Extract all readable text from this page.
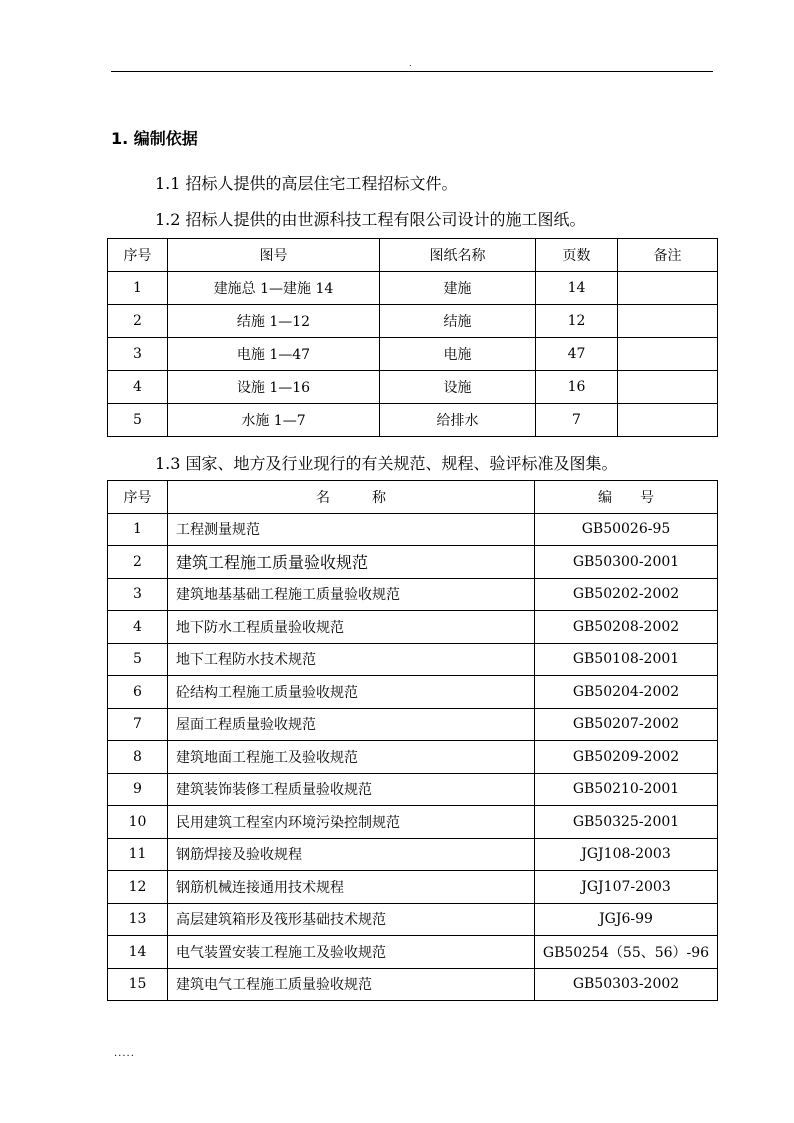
.
1. 编制依据

1.1 招标人提供的高层住宅工程招标文件。

1.2 招标人提供的由世源科技工程有限公司设计的施工图纸。

序号	图号	图纸名称	页数	备注
1	建施总 1—建施 14	建施	14	
2	结施 1—12	结施	12	
3	电施 1—47	电施	47	
4	设施 1—16	设施	16	
5	水施 1—7	给排水	7	

1.3 国家、地方及行业现行的有关规范、规程、验评标准及图集。

序号	名　　　称	编　　号
1	工程测量规范	GB50026-95
2	建筑工程施工质量验收规范	GB50300-2001
3	建筑地基基础工程施工质量验收规范	GB50202-2002
4	地下防水工程质量验收规范	GB50208-2002
5	地下工程防水技术规范	GB50108-2001
6	砼结构工程施工质量验收规范	GB50204-2002
7	屋面工程质量验收规范	GB50207-2002
8	建筑地面工程施工及验收规范	GB50209-2002
9	建筑装饰装修工程质量验收规范	GB50210-2001
10	民用建筑工程室内环境污染控制规范	GB50325-2001
11	钢筋焊接及验收规程	JGJ108-2003
12	钢筋机械连接通用技术规程	JGJ107-2003
13	高层建筑箱形及筏形基础技术规范	JGJ6-99
14	电气装置安装工程施工及验收规范	GB50254（55、56）-96
15	建筑电气工程施工质量验收规范	GB50303-2002
.....
